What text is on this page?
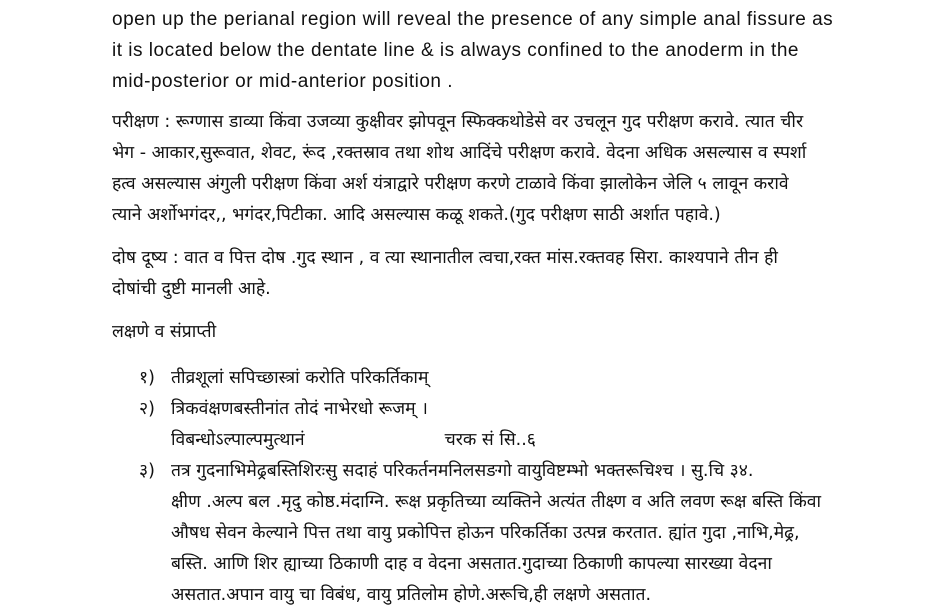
open up the perianal region will reveal the presence of any simple anal fissure as
it is located below the dentate line & is always confined to the anoderm in the
mid-posterior or mid-anterior position .
परीक्षण : रूग्णास डाव्या किंवा उजव्या कुक्षीवर झोपवून स्फिक्कथोडेसे वर उचलून गुद परीक्षण करावे. त्यात चीर
भेग - आकार,सुरूवात, शेवट, रूंद ,रक्तस्राव तथा शोथ आदिंचे परीक्षण करावे. वेदना अधिक असल्यास व स्पर्शा
हत्व असल्यास अंगुली परीक्षण किंवा अर्श यंत्राद्वारे परीक्षण करणे टाळावे किंवा झालोकेन जेलि ५ लावून करावे
त्याने अर्शोभगंदर,, भगंदर,पिटीका. आदि असल्यास कळू शकते.(गुद परीक्षण साठी अर्शात पहावे.)
दोष दूष्य : वात व पित्त दोष .गुद स्थान , व त्या स्थानातील त्वचा,रक्त मांस.रक्तवह सिरा. काश्यपाने तीन ही
दोषांची दुष्टी मानली आहे.
लक्षणे व संप्राप्ती
१) तीव्रशूलां सपिच्छास्त्रां करोति परिकर्तिकाम्
२) त्रिकवंक्षणबस्तीनांत तोदं नाभेरधो रूजम् ।
विबन्धोऽल्पाल्पमुत्थानं	चरक सं सि..६
३) तत्र गुदनाभिमेढ्रबस्तिशिरःसु सदाहं परिकर्तनमनिलसङगो वायुविष्टम्भो भक्तरूचिश्च । सु.चि ३४.
क्षीण .अल्प बल .मृदु कोष्ठ.मंदाग्नि. रूक्ष प्रकृतिच्या व्यक्तिने अत्यंत तीक्ष्ण व अति लवण रूक्ष बस्ति किंवा
औषध सेवन केल्याने पित्त तथा वायु प्रकोपित्त होऊन परिकर्तिका उत्पन्न करतात. ह्यांत गुदा ,नाभि,मेढ्र,
बस्ति. आणि शिर ह्याच्या ठिकाणी दाह व वेदना असतात.गुदाच्या ठिकाणी कापल्या सारख्या वेदना
असतात.अपान वायु चा विबंध, वायु प्रतिलोम होणे.अरूचि,ही लक्षणे असतात.
